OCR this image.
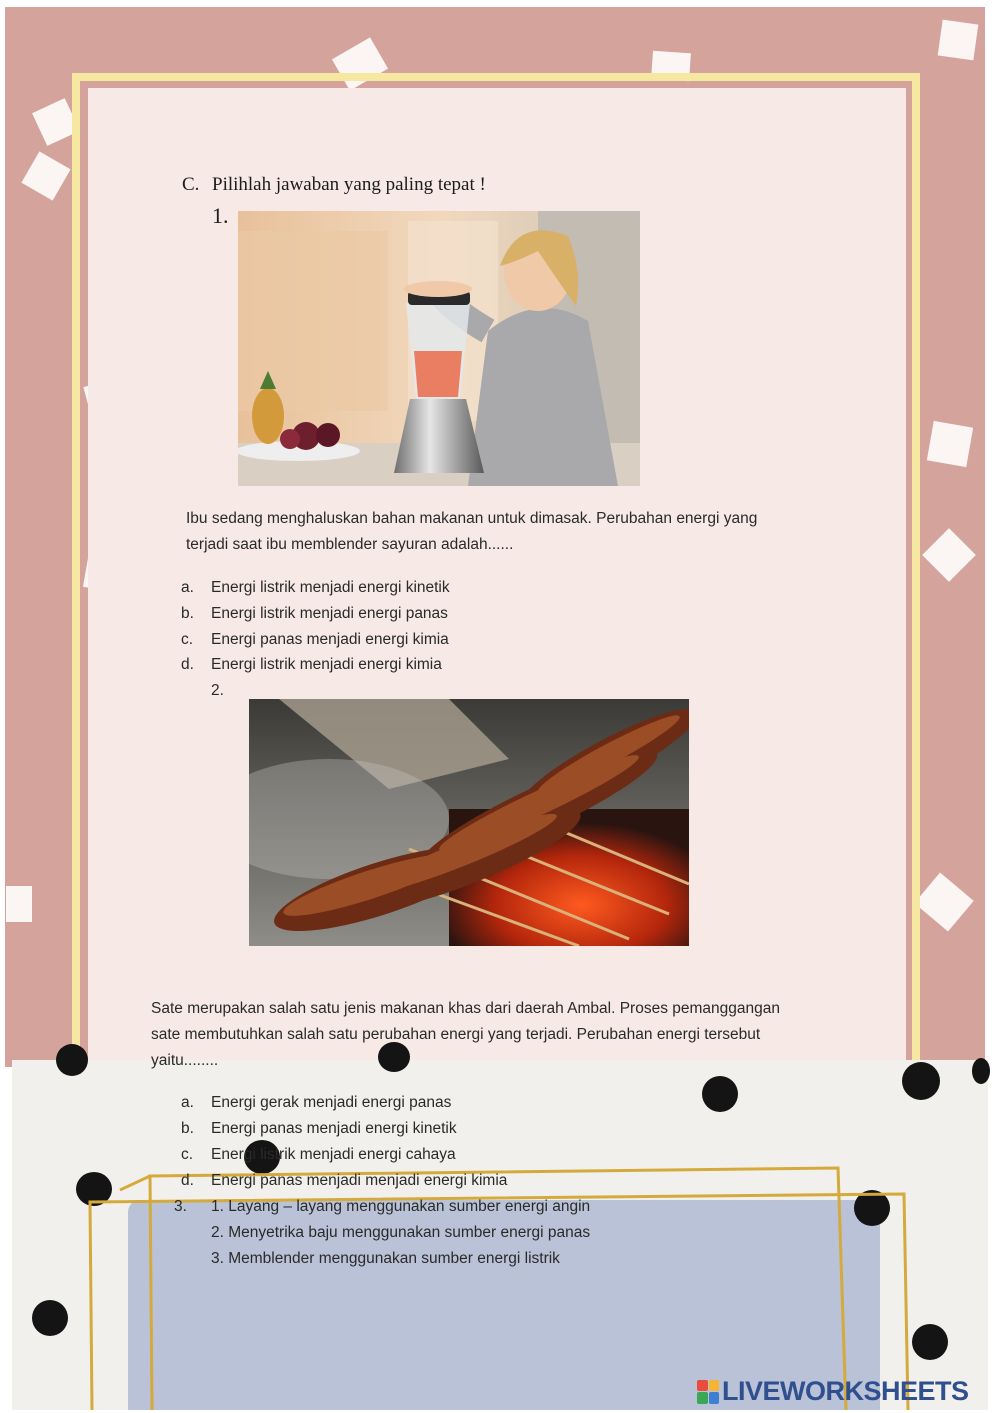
C. Pilihlah jawaban yang paling tepat !
1.
Ibu sedang menghaluskan bahan makanan untuk dimasak. Perubahan energi yang
terjadi saat ibu memblender sayuran adalah......
a. Energi listrik menjadi energi kinetik
b. Energi listrik menjadi energi panas
c. Energi panas menjadi energi kimia
d. Energi listrik menjadi energi kimia
2.
Sate merupakan salah satu jenis makanan khas dari daerah Ambal. Proses pemanggangan
sate membutuhkan salah satu perubahan energi yang terjadi. Perubahan energi tersebut
yaitu........
a. Energi gerak menjadi energi panas
b. Energi panas menjadi energi kinetik
c. Energi listrik menjadi energi cahaya
d. Energi panas menjadi menjadi energi kimia
3. 1. Layang – layang menggunakan sumber energi angin
2. Menyetrika baju menggunakan sumber energi panas
3. Memblender menggunakan sumber energi listrik
LIVEWORKSHEETS
